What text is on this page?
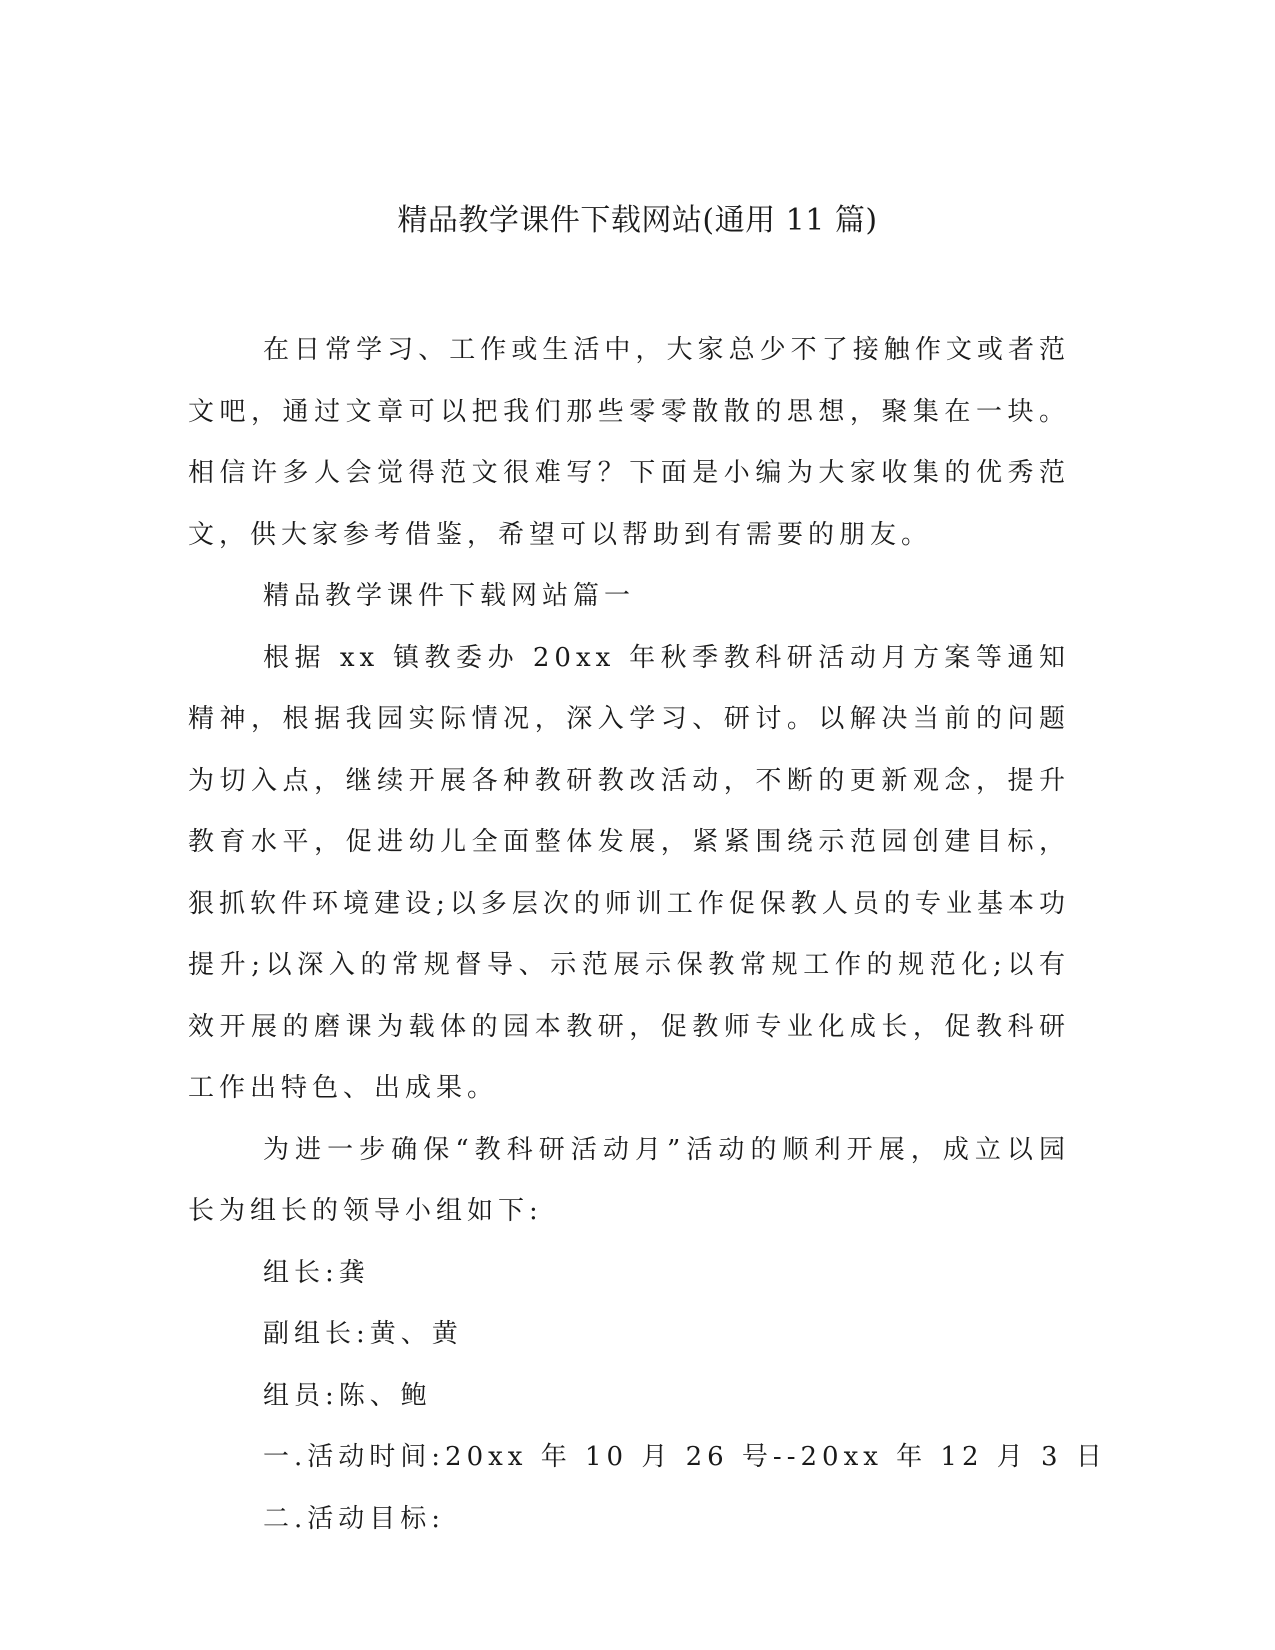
精品教学课件下载网站(通用 11 篇)

在日常学习、工作或生活中，大家总少不了接触作文或者范文吧，通过文章可以把我们那些零零散散的思想，聚集在一块。相信许多人会觉得范文很难写？下面是小编为大家收集的优秀范文，供大家参考借鉴，希望可以帮助到有需要的朋友。

精品教学课件下载网站篇一

根据 xx 镇教委办 20xx 年秋季教科研活动月方案等通知精神，根据我园实际情况，深入学习、研讨。以解决当前的问题为切入点，继续开展各种教研教改活动，不断的更新观念，提升教育水平，促进幼儿全面整体发展，紧紧围绕示范园创建目标，狠抓软件环境建设;以多层次的师训工作促保教人员的专业基本功提升;以深入的常规督导、示范展示保教常规工作的规范化;以有效开展的磨课为载体的园本教研，促教师专业化成长，促教科研工作出特色、出成果。

为进一步确保“教科研活动月”活动的顺利开展，成立以园长为组长的领导小组如下:

组长:龚

副组长:黄、黄

组员:陈、鲍

一.活动时间:20xx 年 10 月 26 号--20xx 年 12 月 3 日

二.活动目标:
